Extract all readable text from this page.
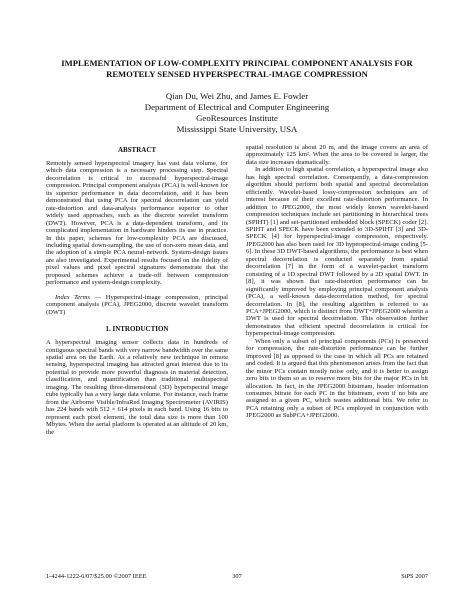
IMPLEMENTATION OF LOW-COMPLEXITY PRINCIPAL COMPONENT ANALYSIS FOR
REMOTELY SENSED HYPERSPECTRAL-IMAGE COMPRESSION
Qian Du, Wei Zhu, and James E. Fowler
Department of Electrical and Computer Engineering
GeoResources Institute
Mississippi State University, USA

ABSTRACT

Remotely sensed hyperspectral imagery has vast data volume, for which data compression is a necessary processing step. Spectral decorrelation is critical to successful hyperspectral-image compression. Principal component analysis (PCA) is well-known for its superior performance in data decorrelation, and it has been demonstrated that using PCA for spectral decorrelation can yield rate-distortion and data-analysis performance superior to other widely used approaches, such as the discrete wavelet transform (DWT). However, PCA is a data-dependent transform, and its complicated implementation in hardware hinders its use in practice. In this paper, schemes for low-complexity PCA are discussed, including spatial down-sampling, the use of non-zero mean data, and the adoption of a simple PCA neural-network. System-design issues are also investigated. Experimental results focused on the fidelity of pixel values and pixel spectral signatures demonstrate that the proposed schemes achieve a trade-off between compression performance and system-design complexity.

Index Terms — Hyperspectral-image compression, principal component analysis (PCA), JPEG2000, discrete wavelet transform (DWT)

1. INTRODUCTION

A hyperspectral imaging sensor collects data in hundreds of contiguous spectral bands with very narrow bandwidth over the same spatial area on the Earth. As a relatively new technique in remote sensing, hyperspectral imaging has attracted great interest due to its potential to provide more powerful diagnosis in material detection, classification, and quantification than traditional multispectral imaging. The resulting three-dimensional (3D) hyperspectral image cube typically has a very large data volume. For instance, each frame from the Airborne Visible/InfraRed Imaging Spectrometer (AVIRIS) has 224 bands with 512 × 614 pixels in each band. Using 16 bits to represent each pixel element, the total data size is more than 100 Mbytes. When the aerial platform is operated at an altitude of 20 km, the

spatial resolution is about 20 m, and the image covers an area of approximately 125 km². When the area to be covered is larger, the data size increases dramatically.

In addition to high spatial correlation, a hyperspectral image also has high spectral correlation. Consequently, a data-compression algorithm should perform both spatial and spectral decorrelation efficiently. Wavelet-based lossy-compression techniques are of interest because of their excellent rate-distortion performance. In addition to JPEG2000, the most widely known wavelet-based compression techniques include set partitioning in hierarchical trees (SPIHT) [1] and set-partitioned embedded block (SPECK) coder [2]. SPIHT and SPECK have been extended to 3D-SPIHT [3] and 3D-SPECK [4] for hyperspectral-image compression, respectively. JPEG2000 has also been used for 3D hyperspectral-image coding [5-6]. In these 3D DWT-based algorithms, the performance is best when spectral decorrelation is conducted separately from spatial decorrelation [7] in the form of a wavelet-packet transform consisting of a 1D spectral DWT followed by a 2D spatial DWT. In [8], it was shown that rate-distortion performance can be significantly improved by employing principal component analysis (PCA), a well-known data-decorrelation method, for spectral decorrelation. In [8], the resulting algorithm is referred to as PCA+JPEG2000, which is distinct from DWT+JPEG2000 wherein a DWT is used for spectral decorrelation. This observation further demonstrates that efficient spectral decorrelation is critical for hyperspectral-image compression.

When only a subset of principal components (PCs) is preserved for compression, the rate-distortion performance can be further improved [8] as opposed to the case in which all PCs are retained and coded. It is argued that this phenomenon arises from the fact that the minor PCs contain mostly noise only, and it is better to assign zero bits to them so as to reserve more bits for the major PCs in bit allocation. In fact, in the JPEG2000 bitstream, header information consumes bitrate for each PC in the bitstream, even if no bits are assigned to a given PC, which wastes additional bits. We refer to PCA retaining only a subset of PCs employed in conjunction with JPEG2000 as SubPCA+JPEG2000.

1-4244-1222-6/07/$25.00 ©2007 IEEE	307	SiPS 2007
